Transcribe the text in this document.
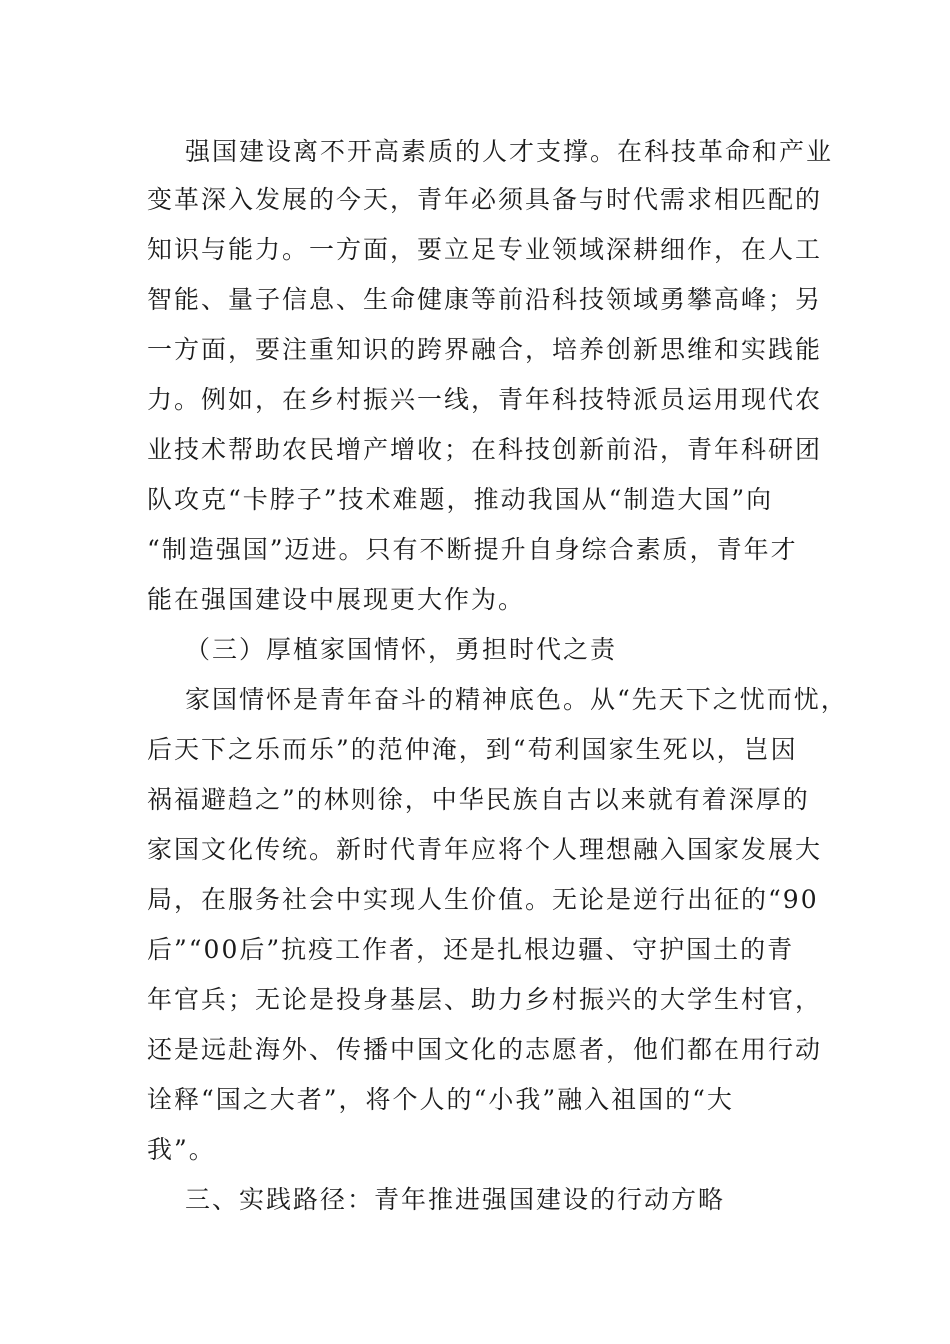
强国建设离不开高素质的人才支撑。在科技革命和产业
变革深入发展的今天，青年必须具备与时代需求相匹配的
知识与能力。一方面，要立足专业领域深耕细作，在人工
智能、量子信息、生命健康等前沿科技领域勇攀高峰；另
一方面，要注重知识的跨界融合，培养创新思维和实践能
力。例如，在乡村振兴一线，青年科技特派员运用现代农
业技术帮助农民增产增收；在科技创新前沿，青年科研团
队攻克“卡脖子”技术难题，推动我国从“制造大国”向
“制造强国”迈进。只有不断提升自身综合素质，青年才
能在强国建设中展现更大作为。
（三）厚植家国情怀，勇担时代之责
家国情怀是青年奋斗的精神底色。从“先天下之忧而忧，
后天下之乐而乐”的范仲淹，到“苟利国家生死以，岂因
祸福避趋之”的林则徐，中华民族自古以来就有着深厚的
家国文化传统。新时代青年应将个人理想融入国家发展大
局，在服务社会中实现人生价值。无论是逆行出征的“90
后”“00后”抗疫工作者，还是扎根边疆、守护国土的青
年官兵；无论是投身基层、助力乡村振兴的大学生村官，
还是远赴海外、传播中国文化的志愿者，他们都在用行动
诠释“国之大者”，将个人的“小我”融入祖国的“大
我”。
三、实践路径：青年推进强国建设的行动方略
